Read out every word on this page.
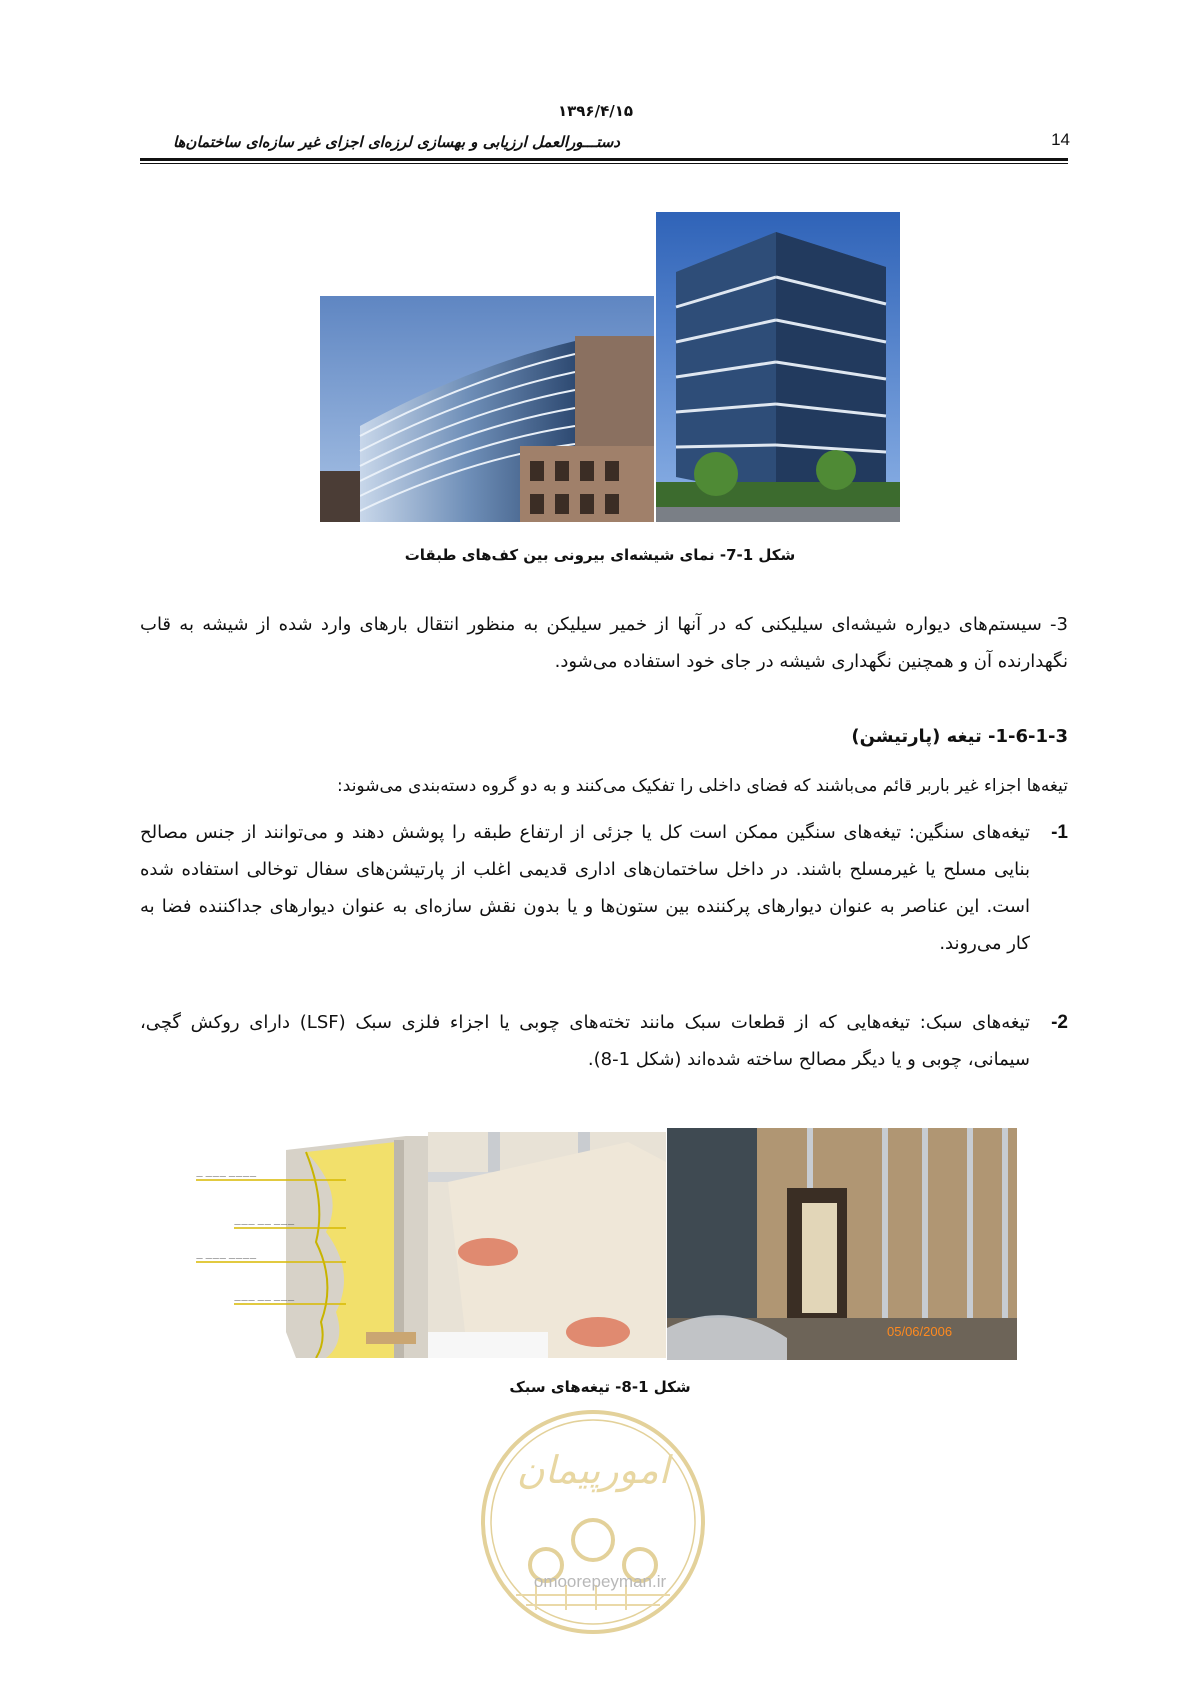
۱۳۹۶/۴/۱۵
دستـــورالعمل ارزیابی و بهسازی لرزه‌ای اجزای غیر سازه‌ای ساختمان‌ها	14
شکل 1-7- نمای شیشه‌ای بیرونی بین کف‌های طبقات
3- سیستم‌های دیواره شیشه‌ای سیلیکنی که در آنها از خمیر سیلیکن به منظور انتقال بارهای وارد شده از شیشه به قاب نگهدارنده آن و همچنین نگهداری شیشه در جای خود استفاده می‌شود.
1-6-1-3- تیغه (پارتیشن)
تیغه‌ها اجزاء غیر باربر قائم می‌باشند که فضای داخلی را تفکیک می‌کنند و به دو گروه دسته‌بندی می‌شوند:
1-
تیغه‌های سنگین: تیغه‌های سنگین ممکن است کل یا جزئی از ارتفاع طبقه را پوشش دهند و می‌توانند از جنس مصالح بنایی مسلح یا غیرمسلح باشند. در داخل ساختمان‌های اداری قدیمی اغلب از پارتیشن‌های سفال توخالی استفاده شده است. این عناصر به عنوان دیوارهای پرکننده بین ستون‌ها و یا بدون نقش سازه‌ای به عنوان دیوارهای جداکننده فضا به کار می‌روند.
2-
تیغه‌های سبک: تیغه‌هایی که از قطعات سبک مانند تخته‌های چوبی یا اجزاء فلزی سبک (LSF) دارای روکش گچی، سیمانی، چوبی و یا دیگر مصالح ساخته شده‌اند (شکل 1-8).
— ——— ————
——— —— ———
— ——— ————
——— —— ———
05/06/2006
امورپیمان
omoorepeyman.ir
شکل 1-8- تیغه‌های سبک
